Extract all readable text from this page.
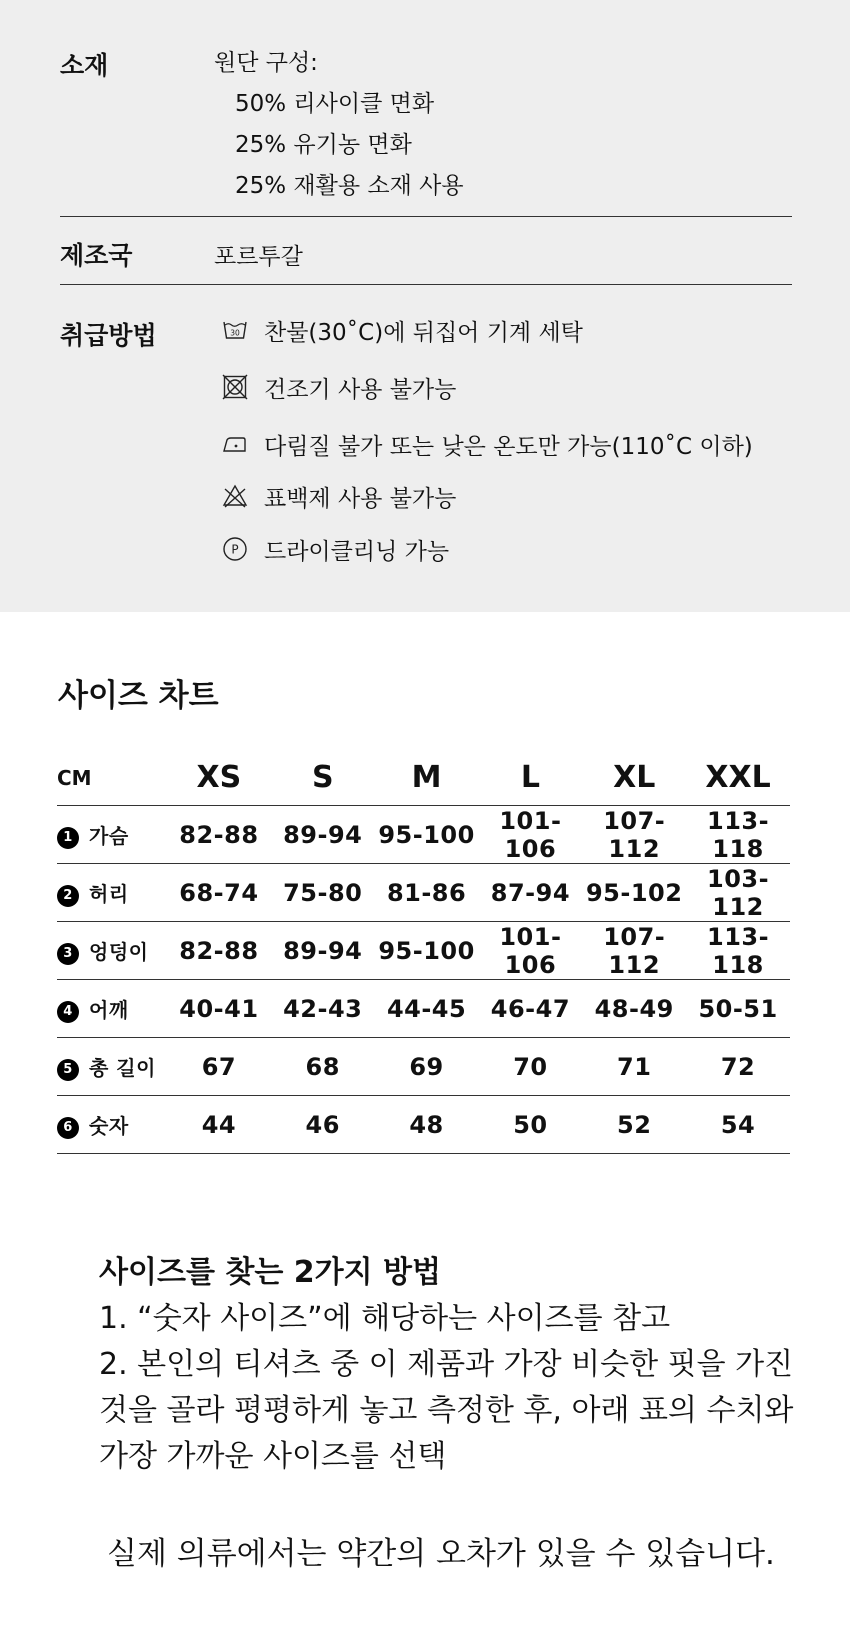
소재	원단 구성:
50% 리사이클 면화
25% 유기농 면화
25% 재활용 소재 사용
제조국	포르투갈
취급방법	30 찬물(30˚C)에 뒤집어 기계 세탁
건조기 사용 불가능
다림질 불가 또는 낮은 온도만 가능(110˚C 이하)
표백제 사용 불가능
P 드라이클리닝 가능
사이즈 차트
CM	XS	S	M	L	XL	XXL
1 가슴	82-88	89-94	95-100	101-106	107-112	113-118
2 허리	68-74	75-80	81-86	87-94	95-102	103-112
3 엉덩이	82-88	89-94	95-100	101-106	107-112	113-118
4 어깨	40-41	42-43	44-45	46-47	48-49	50-51
5 총 길이	67	68	69	70	71	72
6 숫자	44	46	48	50	52	54

사이즈를 찾는 2가지 방법

1. “숫자 사이즈”에 해당하는 사이즈를 참고

2. 본인의 티셔츠 중 이 제품과 가장 비슷한 핏을 가진 것을 골라 평평하게 놓고 측정한 후, 아래 표의 수치와 가장 가까운 사이즈를 선택

실제 의류에서는 약간의 오차가 있을 수 있습니다.
